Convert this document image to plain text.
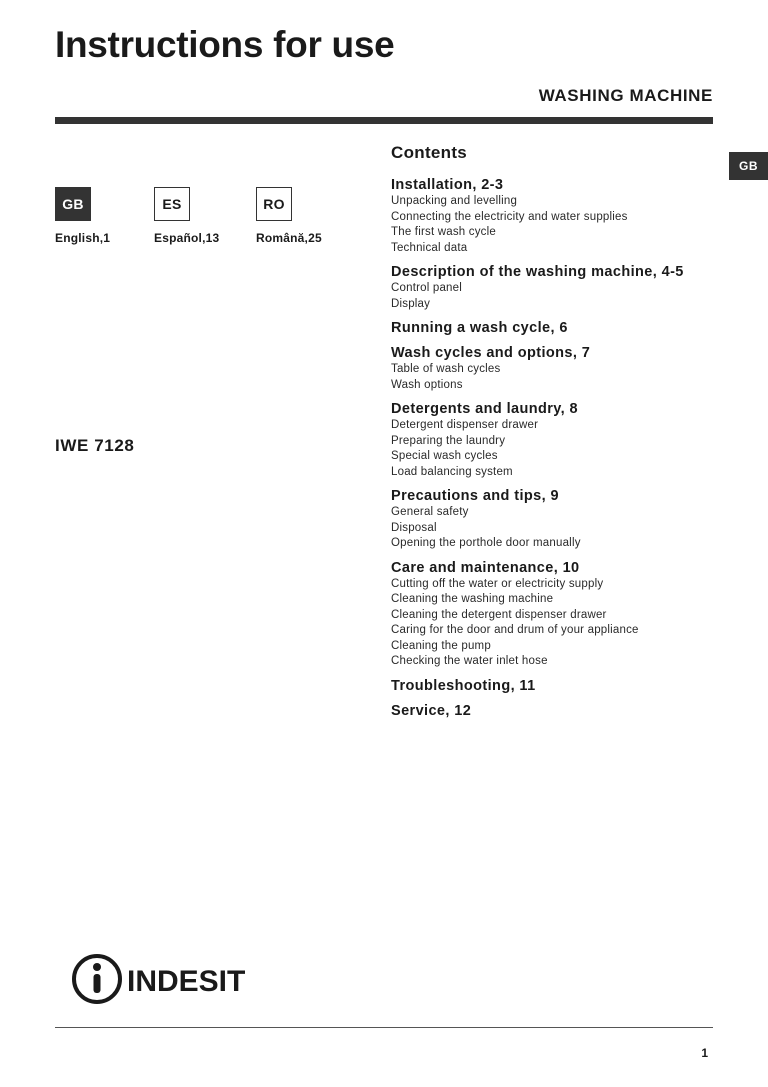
Instructions for use
WASHING MACHINE
GB
GB
English,1
ES
Español,13
RO
Română,25
IWE 7128
Contents
Installation, 2-3
Unpacking and levelling
Connecting the electricity and water supplies
The first wash cycle
Technical data
Description of the washing machine, 4-5
Control panel
Display
Running a wash cycle, 6
Wash cycles and options, 7
Table of wash cycles
Wash options
Detergents and laundry, 8
Detergent dispenser drawer
Preparing the laundry
Special wash cycles
Load balancing system
Precautions and tips, 9
General safety
Disposal
Opening the porthole door manually
Care and maintenance, 10
Cutting off the water or electricity supply
Cleaning the washing machine
Cleaning the detergent dispenser drawer
Caring for the door and drum of your appliance
Cleaning the pump
Checking the water inlet hose
Troubleshooting, 11
Service, 12
INDESIT
1
